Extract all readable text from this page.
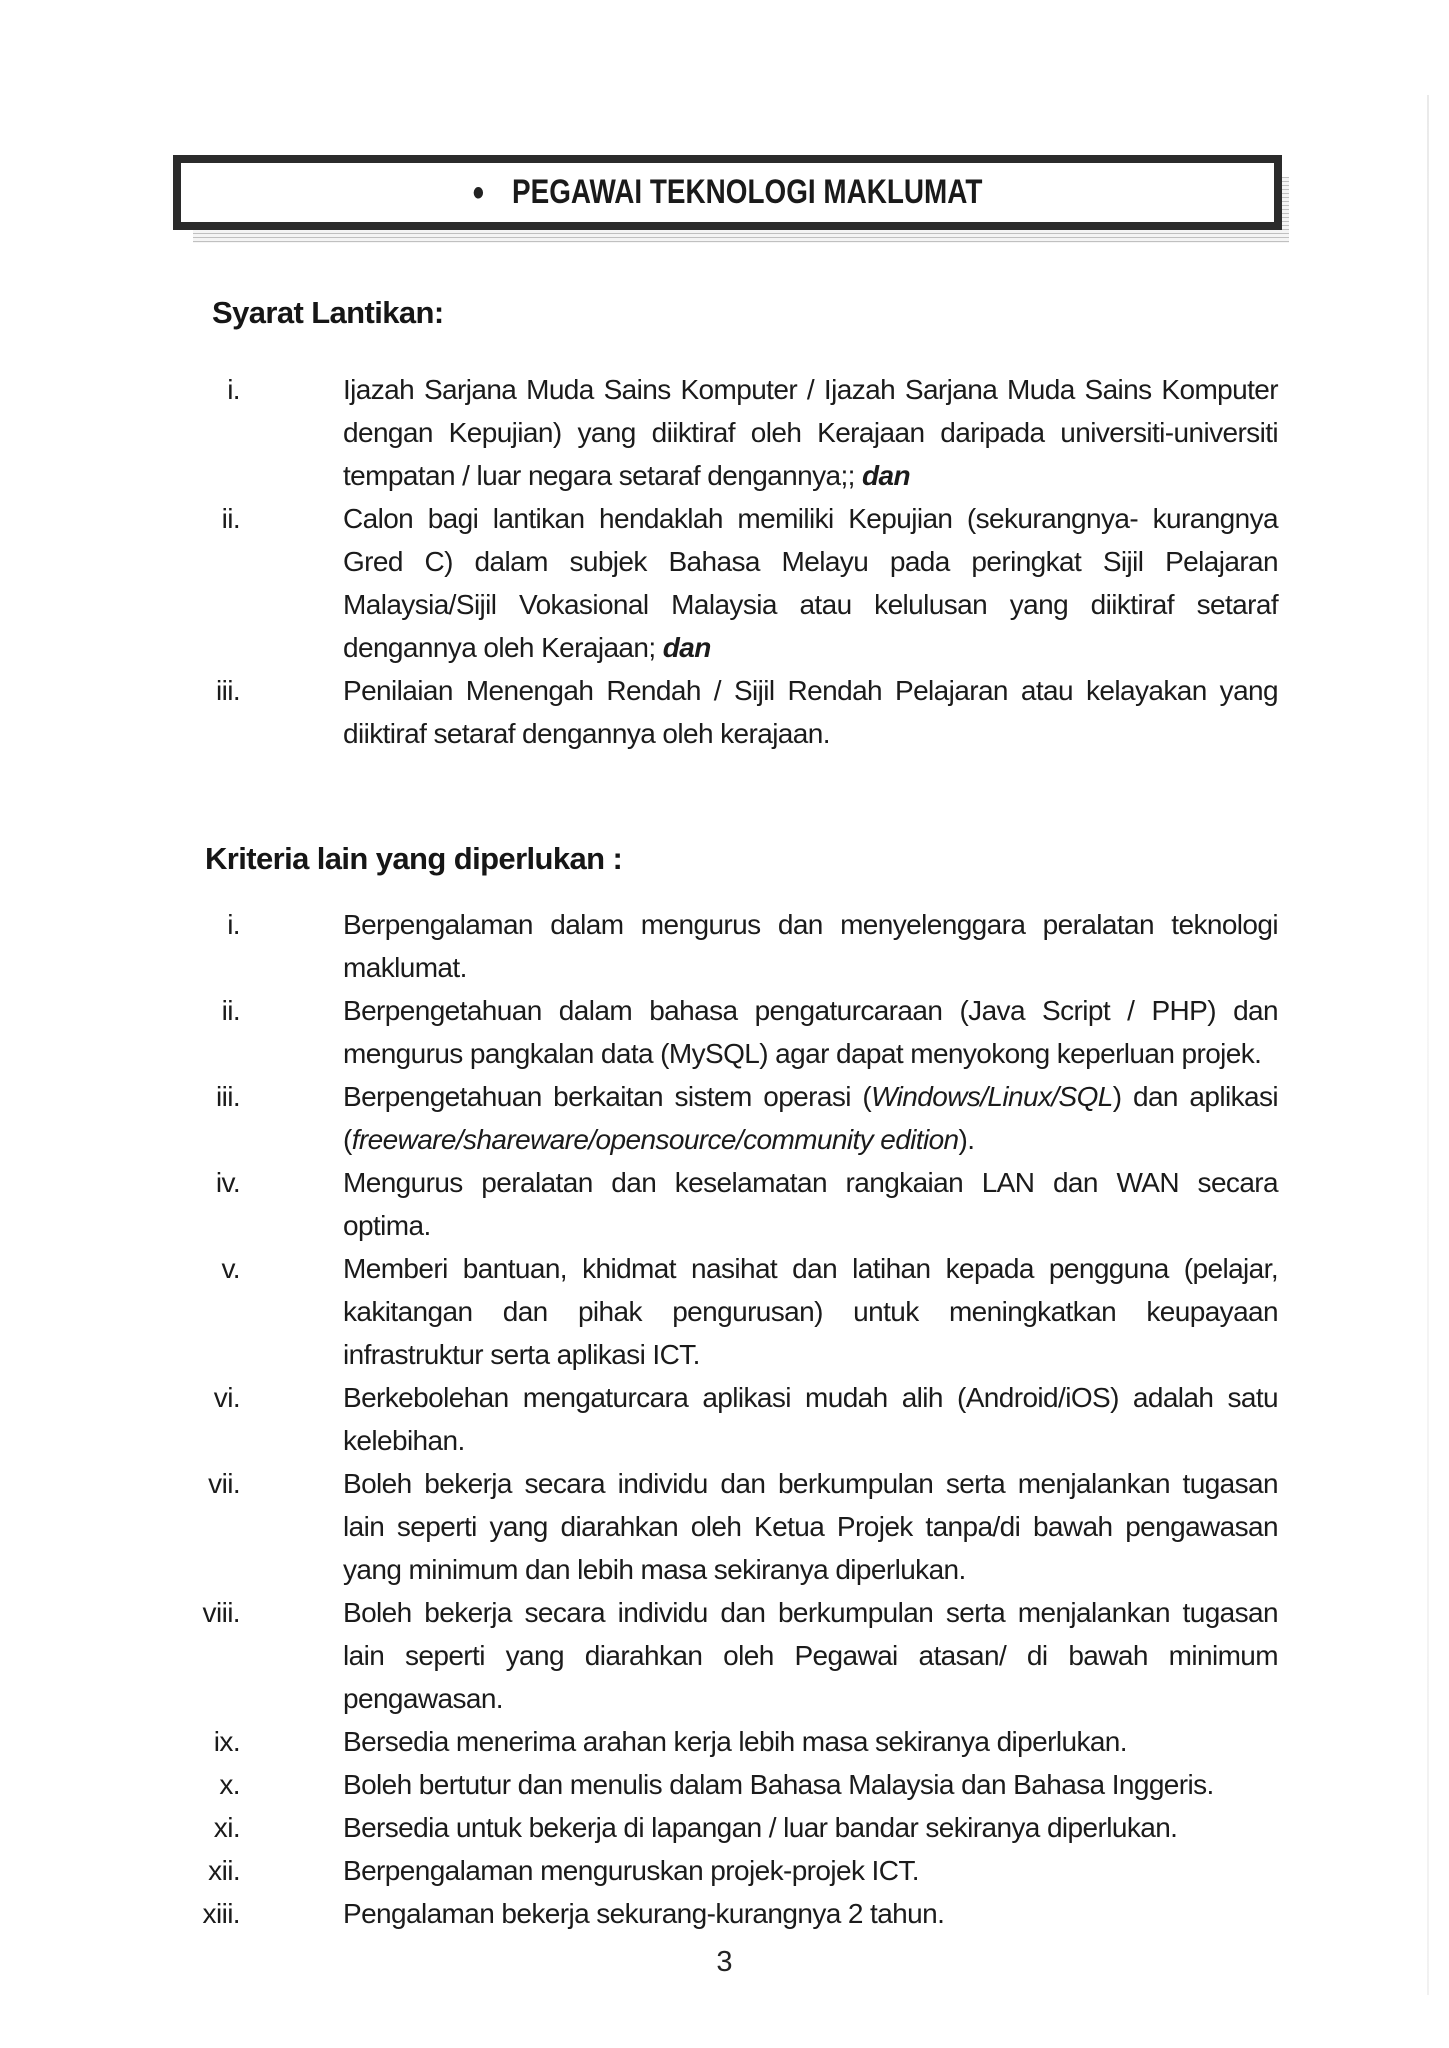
• PEGAWAI TEKNOLOGI MAKLUMAT
Syarat Lantikan:
Kriteria lain yang diperlukan :
i.	Ijazah Sarjana Muda Sains Komputer / Ijazah Sarjana Muda Sains Komputer dengan Kepujian) yang diiktiraf oleh Kerajaan daripada universiti-universiti tempatan / luar negara setaraf dengannya;; dan
ii.	Calon bagi lantikan hendaklah memiliki Kepujian (sekurangnya- kurangnya Gred C) dalam subjek Bahasa Melayu pada peringkat Sijil Pelajaran Malaysia/Sijil Vokasional Malaysia atau kelulusan yang diiktiraf setaraf dengannya oleh Kerajaan; dan
iii.	Penilaian Menengah Rendah / Sijil Rendah Pelajaran atau kelayakan yang diiktiraf setaraf dengannya oleh kerajaan.
i.	Berpengalaman dalam mengurus dan menyelenggara peralatan teknologi maklumat.
ii.	Berpengetahuan dalam bahasa pengaturcaraan (Java Script / PHP) dan mengurus pangkalan data (MySQL) agar dapat menyokong keperluan projek.
iii.	Berpengetahuan berkaitan sistem operasi (Windows/Linux/SQL) dan aplikasi (freeware/shareware/opensource/community edition).
iv.	Mengurus peralatan dan keselamatan rangkaian LAN dan WAN secara optima.
v.	Memberi bantuan, khidmat nasihat dan latihan kepada pengguna (pelajar, kakitangan dan pihak pengurusan) untuk meningkatkan keupayaan infrastruktur serta aplikasi ICT.
vi.	Berkebolehan mengaturcara aplikasi mudah alih (Android/iOS) adalah satu kelebihan.
vii.	Boleh bekerja secara individu dan berkumpulan serta menjalankan tugasan lain seperti yang diarahkan oleh Ketua Projek tanpa/di bawah pengawasan yang minimum dan lebih masa sekiranya diperlukan.
viii.	Boleh bekerja secara individu dan berkumpulan serta menjalankan tugasan lain seperti yang diarahkan oleh Pegawai atasan/ di bawah minimum pengawasan.
ix.	Bersedia menerima arahan kerja lebih masa sekiranya diperlukan.
x.	Boleh bertutur dan menulis dalam Bahasa Malaysia dan Bahasa Inggeris.
xi.	Bersedia untuk bekerja di lapangan / luar bandar sekiranya diperlukan.
xii.	Berpengalaman menguruskan projek-projek ICT.
xiii.	Pengalaman bekerja sekurang-kurangnya 2 tahun.
3
